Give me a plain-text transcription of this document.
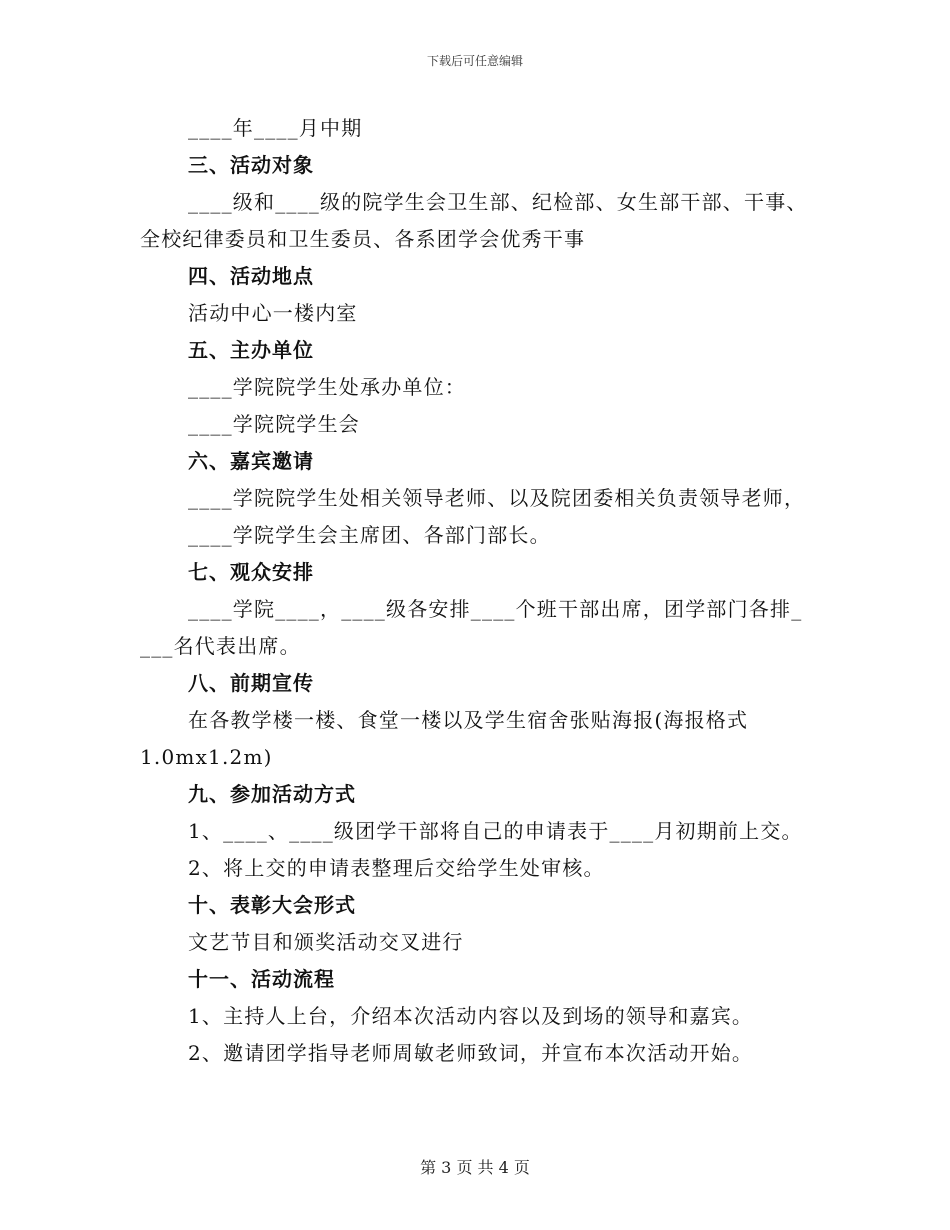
下载后可任意编辑
____年____月中期
三、活动对象
____级和____级的院学生会卫生部、纪检部、女生部干部、干事、
全校纪律委员和卫生委员、各系团学会优秀干事
四、活动地点
活动中心一楼内室
五、主办单位
____学院院学生处承办单位：
____学院院学生会
六、嘉宾邀请
____学院院学生处相关领导老师、以及院团委相关负责领导老师，
____学院学生会主席团、各部门部长。
七、观众安排
____学院____，____级各安排____个班干部出席，团学部门各排_
___名代表出席。
八、前期宣传
在各教学楼一楼、食堂一楼以及学生宿舍张贴海报(海报格式
1.0mx1.2m)
九、参加活动方式
1、____、____级团学干部将自己的申请表于____月初期前上交。
2、将上交的申请表整理后交给学生处审核。
十、表彰大会形式
文艺节目和颁奖活动交叉进行
十一、活动流程
1、主持人上台，介绍本次活动内容以及到场的领导和嘉宾。
2、邀请团学指导老师周敏老师致词，并宣布本次活动开始。
第 3 页 共 4 页
